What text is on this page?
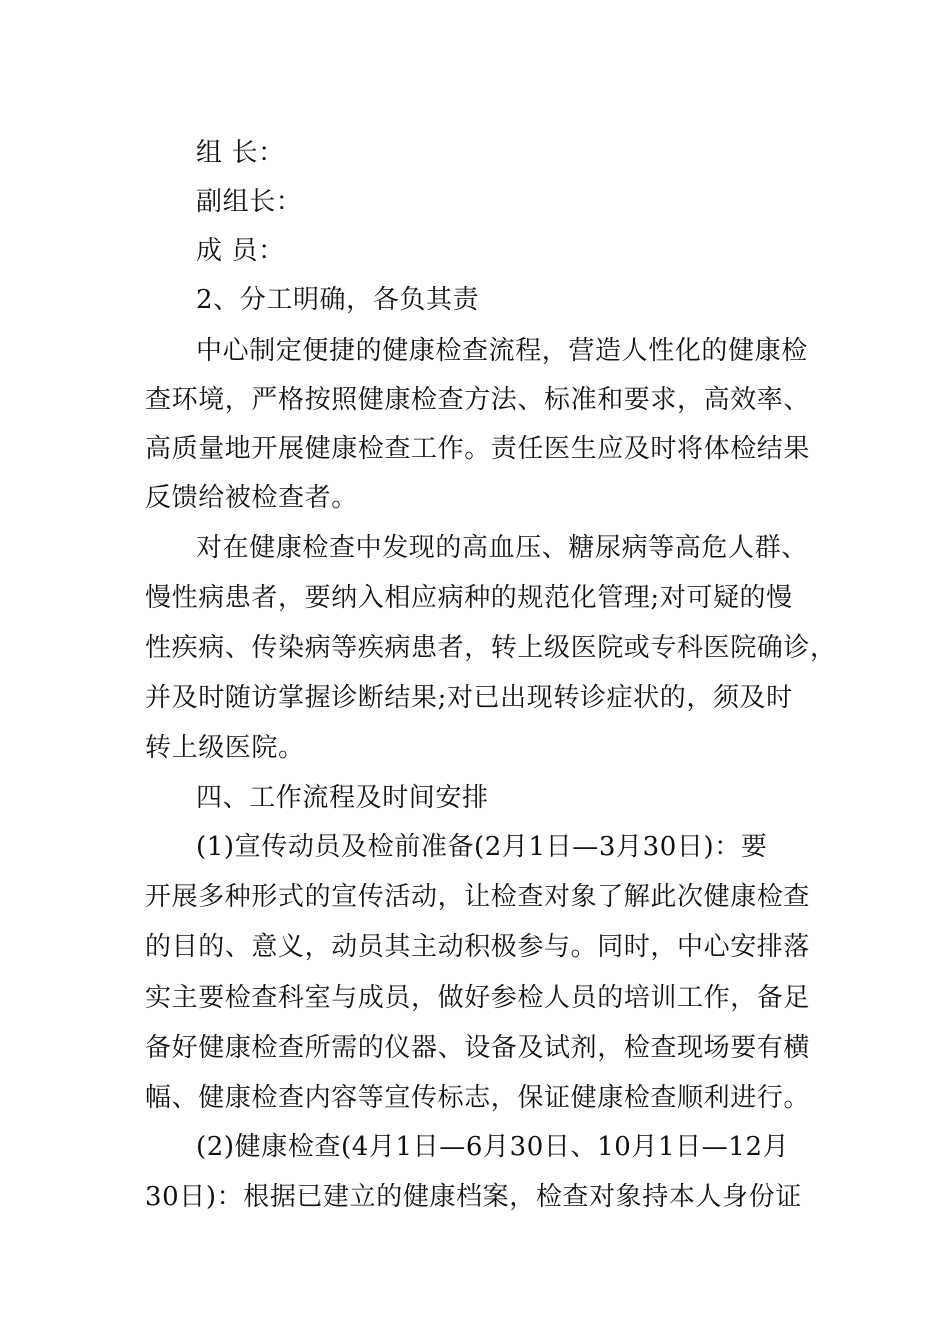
组 长：
副组长：
成 员：
2、分工明确，各负其责
中心制定便捷的健康检查流程，营造人性化的健康检
查环境，严格按照健康检查方法、标准和要求，高效率、
高质量地开展健康检查工作。责任医生应及时将体检结果
反馈给被检查者。
对在健康检查中发现的高血压、糖尿病等高危人群、
慢性病患者，要纳入相应病种的规范化管理;对可疑的慢
性疾病、传染病等疾病患者，转上级医院或专科医院确诊，
并及时随访掌握诊断结果;对已出现转诊症状的，须及时
转上级医院。
四、工作流程及时间安排
(1)宣传动员及检前准备(2月1日—3月30日)：要
开展多种形式的宣传活动，让检查对象了解此次健康检查
的目的、意义，动员其主动积极参与。同时，中心安排落
实主要检查科室与成员，做好参检人员的培训工作，备足
备好健康检查所需的仪器、设备及试剂，检查现场要有横
幅、健康检查内容等宣传标志，保证健康检查顺利进行。
(2)健康检查(4月1日—6月30日、10月1日—12月
30日)：根据已建立的健康档案，检查对象持本人身份证
